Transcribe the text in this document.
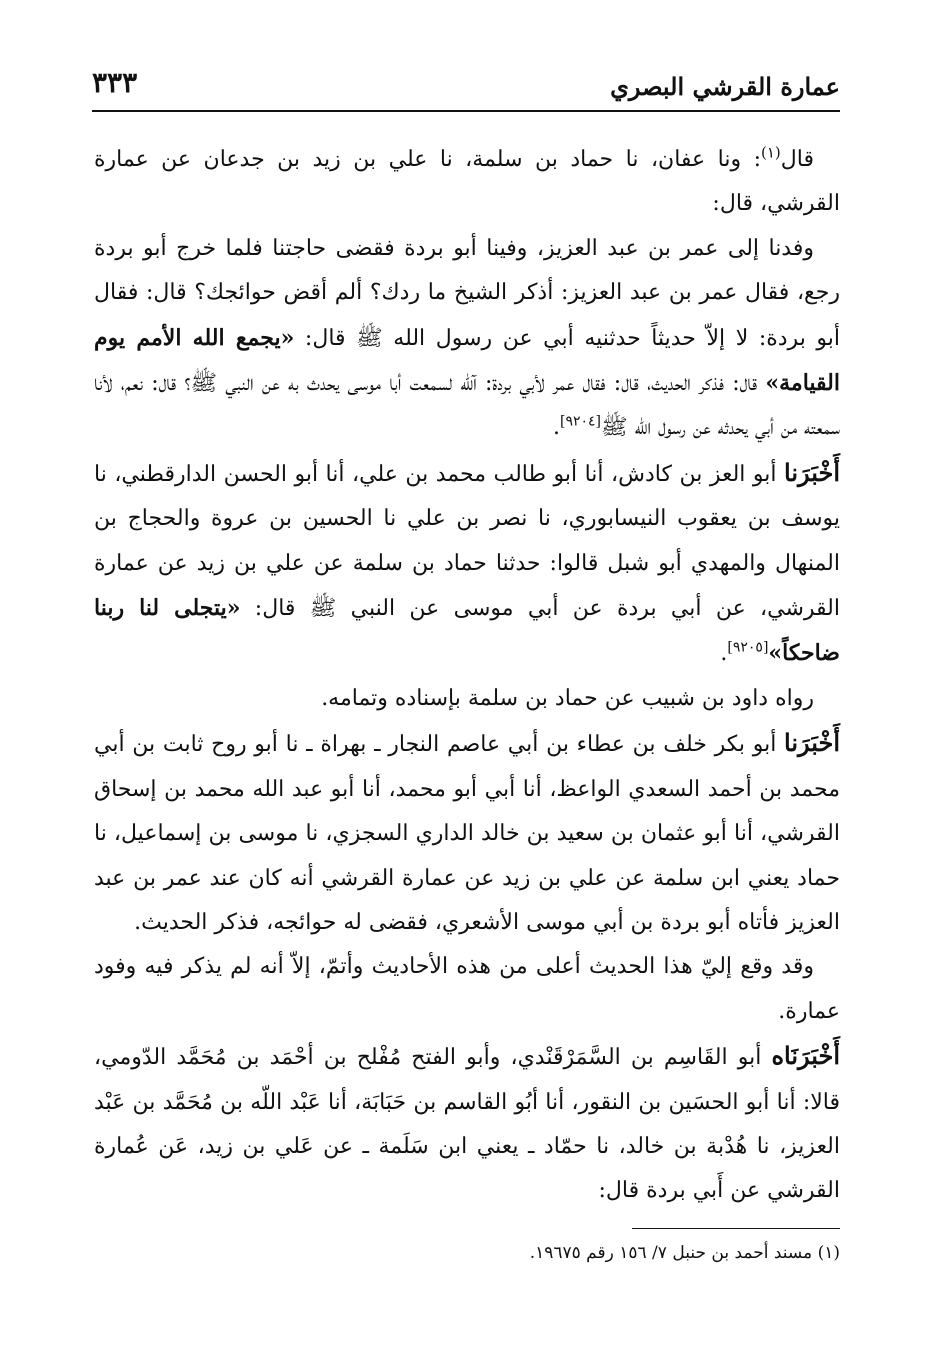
عمارة القرشي البصري
٣٣٣

قال$^{(١)}$: ونا عفان، نا حماد بن سلمة، نا علي بن زيد بن جدعان عن عمارة القرشي، قال:

وفدنا إلى عمر بن عبد العزيز، وفينا أبو بردة فقضى حاجتنا فلما خرج أبو بردة رجع، فقال عمر بن عبد العزيز: أذكر الشيخ ما ردك؟ ألم أقض حوائجك؟ قال: فقال أبو بردة: لا إلاّ حديثاً حدثنيه أبي عن رسول الله ﷺ قال: «يجمع الله الأمم يوم القيامة» قال: فذكر الحديث، قال: فقال عمر لأبي بردة: آلله لسمعت أبا موسى يحدث به عن النبي ﷺ؟ قال: نعم، لأنا سمعته من أبي يحدثه عن رسول الله ﷺ[٩٢٠٤].

أَخْبَرَنا أبو العز بن كادش، أنا أبو طالب محمد بن علي، أنا أبو الحسن الدارقطني، نا يوسف بن يعقوب النيسابوري، نا نصر بن علي نا الحسين بن عروة والحجاج بن المنهال والمهدي أبو شبل قالوا: حدثنا حماد بن سلمة عن علي بن زيد عن عمارة القرشي، عن أبي بردة عن أبي موسى عن النبي ﷺ قال: «يتجلى لنا ربنا ضاحكاً»[٩٢٠٥].

رواه داود بن شبيب عن حماد بن سلمة بإسناده وتمامه.

أَخْبَرَنا أبو بكر خلف بن عطاء بن أبي عاصم النجار ـ بهراة ـ نا أبو روح ثابت بن أبي محمد بن أحمد السعدي الواعظ، أنا أبي أبو محمد، أنا أبو عبد الله محمد بن إسحاق القرشي، أنا أبو عثمان بن سعيد بن خالد الداري السجزي، نا موسى بن إسماعيل، نا حماد يعني ابن سلمة عن علي بن زيد عن عمارة القرشي أنه كان عند عمر بن عبد العزيز فأتاه أبو بردة بن أبي موسى الأشعري، فقضى له حوائجه، فذكر الحديث.

وقد وقع إليّ هذا الحديث أعلى من هذه الأحاديث وأتمّ، إلاّ أنه لم يذكر فيه وفود عمارة.

أَخْبَرَنَاه أبو القَاسِم بن السَّمَرْقَنْدي، وأبو الفتح مُفْلح بن أحْمَد بن مُحَمَّد الدّومي، قالا: أنا أبو الحسَين بن النقور، أنا أبُو القاسم بن حَبَابَة، أنا عَبْد اللّه بن مُحَمَّد بن عَبْد العزيز، نا هُدْبة بن خالد، نا حمّاد ـ يعني ابن سَلَمة ـ عن عَلي بن زيد، عَن عُمارة القرشي عن أَبي بردة قال:

(١) مسند أحمد بن حنبل ٧/ ١٥٦ رقم ١٩٦٧٥.
